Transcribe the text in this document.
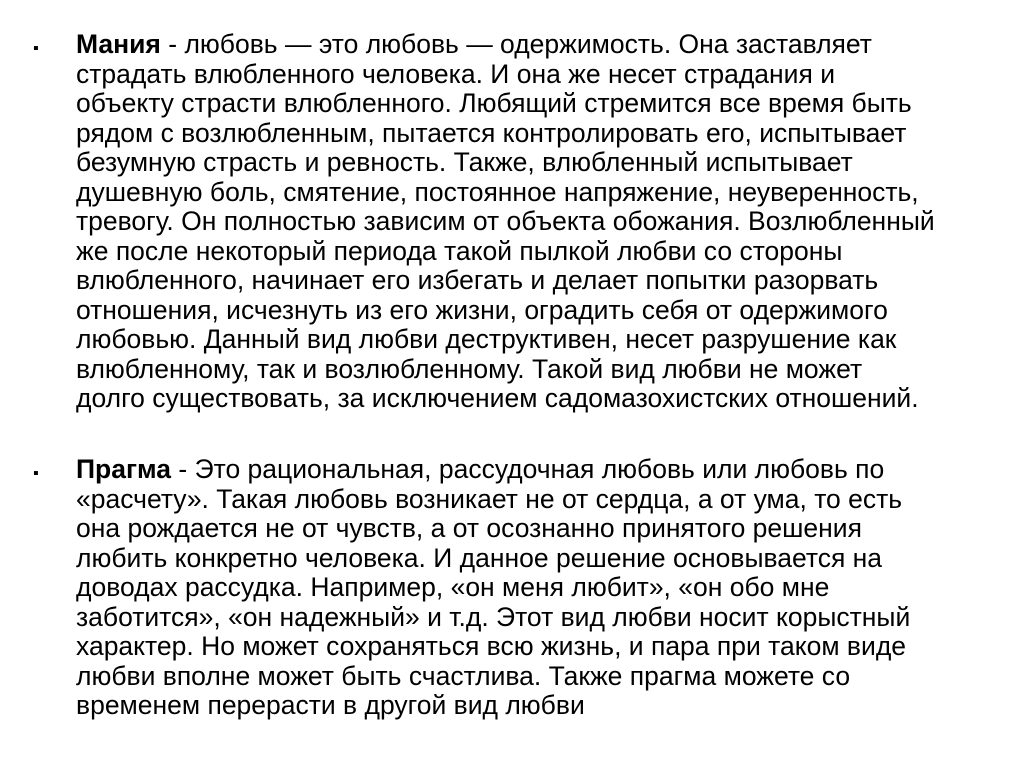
▪ Мания - любовь — это любовь — одержимость. Она заставляет
страдать влюбленного человека. И она же несет страдания и
объекту страсти влюбленного. Любящий стремится все время быть
рядом с возлюбленным, пытается контролировать его, испытывает
безумную страсть и ревность. Также, влюбленный испытывает
душевную боль, смятение, постоянное напряжение, неуверенность,
тревогу. Он полностью зависим от объекта обожания. Возлюбленный
же после некоторый периода такой пылкой любви со стороны
влюбленного, начинает его избегать и делает попытки разорвать
отношения, исчезнуть из его жизни, оградить себя от одержимого
любовью. Данный вид любви деструктивен, несет разрушение как
влюбленному, так и возлюбленному. Такой вид любви не может
долго существовать, за исключением садомазохистских отношений.
▪ Прагма - Это рациональная, рассудочная любовь или любовь по
«расчету». Такая любовь возникает не от сердца, а от ума, то есть
она рождается не от чувств, а от осознанно принятого решения
любить конкретно человека. И данное решение основывается на
доводах рассудка. Например, «он меня любит», «он обо мне
заботится», «он надежный» и т.д. Этот вид любви носит корыстный
характер. Но может сохраняться всю жизнь, и пара при таком виде
любви вполне может быть счастлива. Также прагма можете со
временем перерасти в другой вид любви
